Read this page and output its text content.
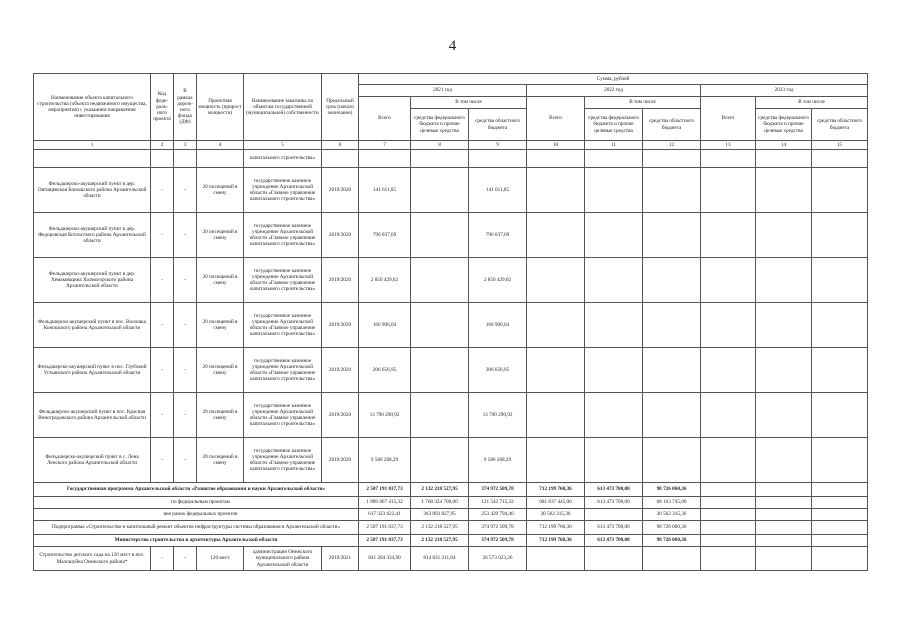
4
Наименование объекта капитального строительства (объекта недвижимого имущества, мероприятия) с указанием направления инвестирования	Код феде-раль-ного проекта	В рамках дорож-ного фонда (ДФ)	Проектная мощность (прирост мощности)	Наименование заказчика по объектам государственной (муниципальной) собственности	Предельный срок (начало окончание)	Сумма, рублей								
						2021 год			2022 год			2023 год		
						Всего	В том числе		Всего	В том числе		Всего	В том числе	
							средства федерального бюджета и прочие целевые средства	средства областного бюджета		средства федерального бюджета и прочие целевые средства	средства областного бюджета		средства федерального бюджета и прочие целевые средства	средства областного бюджета
1	2	3	4	5	6	7	8	9	10	11	12	13	14	15
				капитального строительства»										
Фельдшерско-акушерский пункт в дер. Овтищевская Коношского района Архангельской области	-	-	20 посещений в смену	государственное казенное учреждение Архангельской области «Главное управление капитального строительства»	2019/2020	141 611,85		141 611,85						
Фельдшерско-акушерский пункт в дер. Федоровская Котласского района Архангельской области	-	-	20 посещений в смену	государственное казенное учреждение Архангельской области «Главное управление капитального строительства»	2019/2020	796 037,69		796 037,69						
Фельдшерско-акушерский пункт в дер. Хемаковщина Холмогорского района Архангельской области	-	-	20 посещений в смену	государственное казенное учреждение Архангельской области «Главное управление капитального строительства»	2019/2020	2 850 429,02		2 850 429,02						
Фельдшерско-акушерский пункт в пос. Волошка Коношского района Архангельской области	-	-	20 посещений в смену	государственное казенное учреждение Архангельской области «Главное управление капитального строительства»	2019/2020	166 906,04		166 906,04						
Фельдшерско-акушерский пункт в пос. Глубокий Устьянского района Архангельской области	-	-	20 посещений в смену	государственное казенное учреждение Архангельской области «Главное управление капитального строительства»	2019/2020	206 656,95		206 656,95						
Фельдшерско-акушерский пункт в пос. Красная Виноградовского района Архангельской области	-	-	20 посещений в смену	государственное казенное учреждение Архангельской области «Главное управление капитального строительства»	2019/2020	13 790 290,92		13 790 290,92						
Фельдшерско-акушерский пункт в с. Лена Ленского района Архангельской области	-	-	20 посещений в смену	государственное казенное учреждение Архангельской области «Главное управление капитального строительства»	2019/2020	9 586 268,29		9 586 268,29						
Государственная программа Архангельской области «Развитие образования и науки Архангельской области»						2 507 191 037,73	2 132 218 527,95	374 972 509,78	712 199 760,36	613 473 700,00	98 726 060,36			
по федеральным проектам						1 889 867 415,32	1 768 324 700,00	121 542 715,32	681 637 445,00	613 473 700,00	68 163 745,00			
вне рамок федеральных проектов						617 323 622,41	363 893 827,95	253 429 794,46	30 562 315,36		30 562 315,36			
Подпрограмма «Строительство и капитальный ремонт объектов инфраструктуры системы образования в Архангельской области»						2 507 191 037,73	2 132 218 527,95	374 972 509,78	712 199 760,36	613 473 700,00	98 726 060,36			
Министерство строительства и архитектуры Архангельской области						2 507 191 037,73	2 132 218 527,95	374 972 509,78	712 199 760,36	613 473 700,00	98 726 060,36			
Строительство детского сада на 120 мест в пос. Малошуйка Онежского района*	-	-	120 мест	администрация Онежского муниципального района Архангельской области	2019/2021	841 204 334,90	814 631 311,64	26 573 023,26						
